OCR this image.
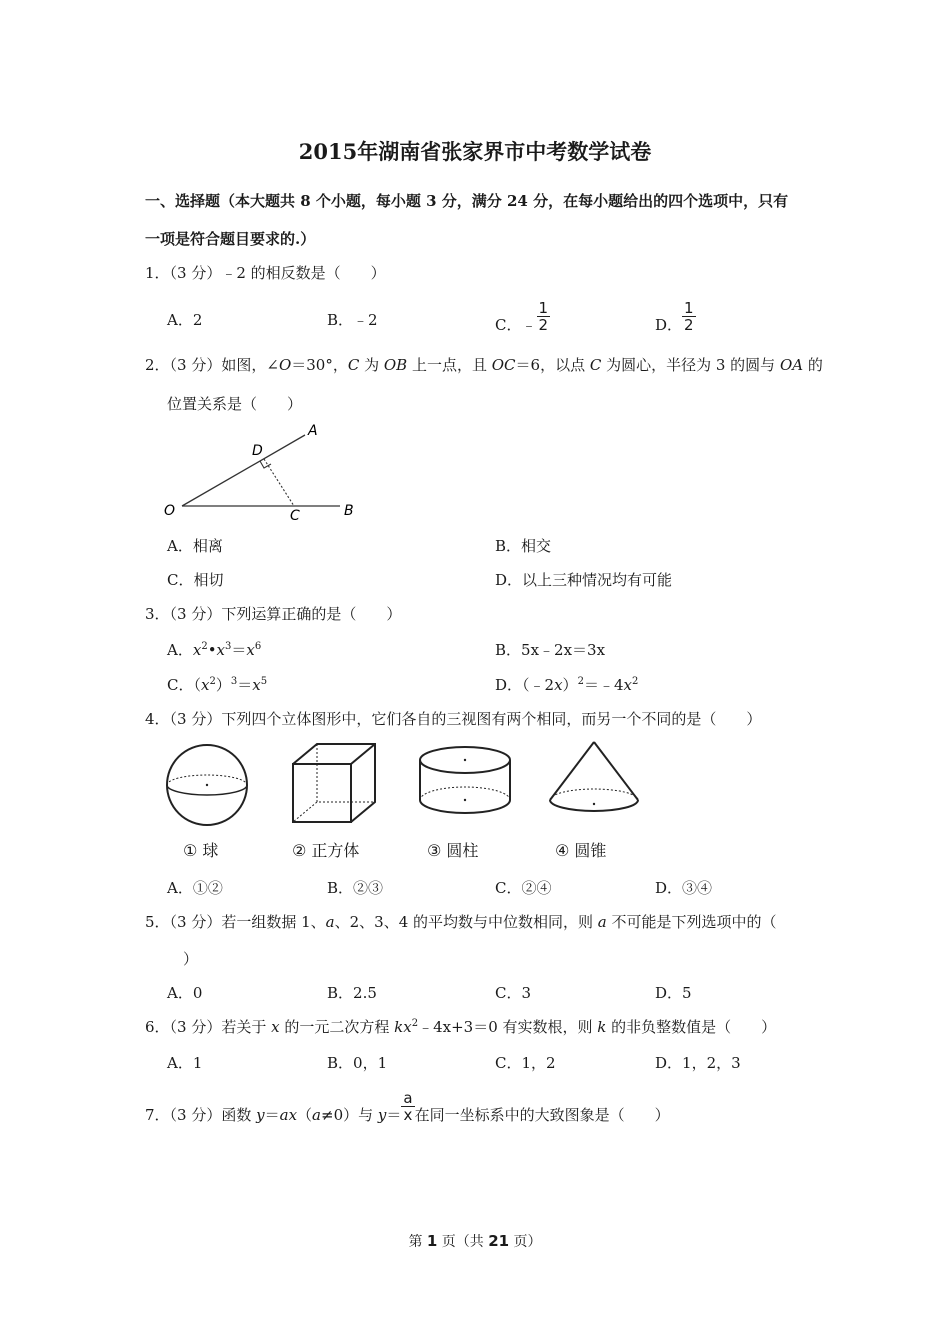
2015年湖南省张家界市中考数学试卷
一、选择题（本大题共 8 个小题，每小题 3 分，满分 24 分，在每小题给出的四个选项中，只有
一项是符合题目要求的.）
1．（3 分）﹣2 的相反数是（　　）
A．2	B．﹣2	C．﹣ $\frac{1}{2}$	D． $\frac{1}{2}$
2．（3 分）如图，∠O＝30°，C 为 OB 上一点，且 OC＝6，以点 C 为圆心，半径为 3 的圆与 OA 的
位置关系是（　　）
A
B
C
D
O
A．相离	B．相交
C．相切	D．以上三种情况均有可能
3．（3 分）下列运算正确的是（　　）
A．$x^2•x^3=x^6$	B．5x﹣2x＝3x
C．$(x^2)^3=x^5$	D．$(﹣2x)^2=﹣4x^2$
4．（3 分）下列四个立体图形中，它们各自的三视图有两个相同，而另一个不同的是（　　）
① 球	② 正方体	③ 圆柱	④ 圆锥
A．①②	B．②③	C．②④	D．③④
5．（3 分）若一组数据 1、a、2、3、4 的平均数与中位数相同，则 a 不可能是下列选项中的（
）
A．0	B．2.5	C．3	D．5
6．（3 分）若关于 x 的一元二次方程 $kx^2﹣4x+3=0$ 有实数根，则 k 的非负整数值是（　　）
A．1	B．0，1	C．1，2	D．1，2，3
7．（3 分）函数 y＝ax（a≠0）与 $y= \frac{a}{x}$ 在同一坐标系中的大致图象是（　　）
第 1 页（共 21 页）
